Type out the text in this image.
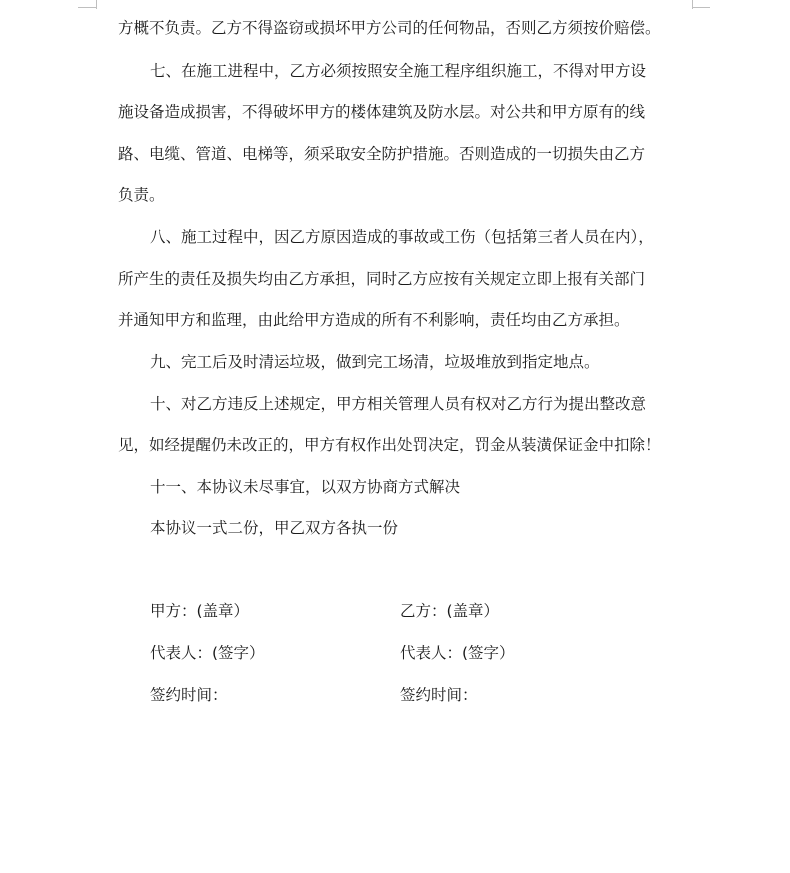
方概不负责。乙方不得盗窃或损坏甲方公司的任何物品，否则乙方须按价赔偿。
七、在施工进程中，乙方必须按照安全施工程序组织施工，不得对甲方设
施设备造成损害，不得破坏甲方的楼体建筑及防水层。对公共和甲方原有的线
路、电缆、管道、电梯等，须采取安全防护措施。否则造成的一切损失由乙方
负责。
八、施工过程中，因乙方原因造成的事故或工伤（包括第三者人员在内），
所产生的责任及损失均由乙方承担，同时乙方应按有关规定立即上报有关部门
并通知甲方和监理，由此给甲方造成的所有不利影响，责任均由乙方承担。
九、完工后及时清运垃圾，做到完工场清，垃圾堆放到指定地点。
十、对乙方违反上述规定，甲方相关管理人员有权对乙方行为提出整改意
见，如经提醒仍未改正的，甲方有权作出处罚决定，罚金从装潢保证金中扣除！
十一、本协议未尽事宜，以双方协商方式解决
本协议一式二份，甲乙双方各执一份
甲方：(盖章）	乙方：(盖章）
代表人：(签字）	代表人：(签字）
签约时间：	签约时间：
